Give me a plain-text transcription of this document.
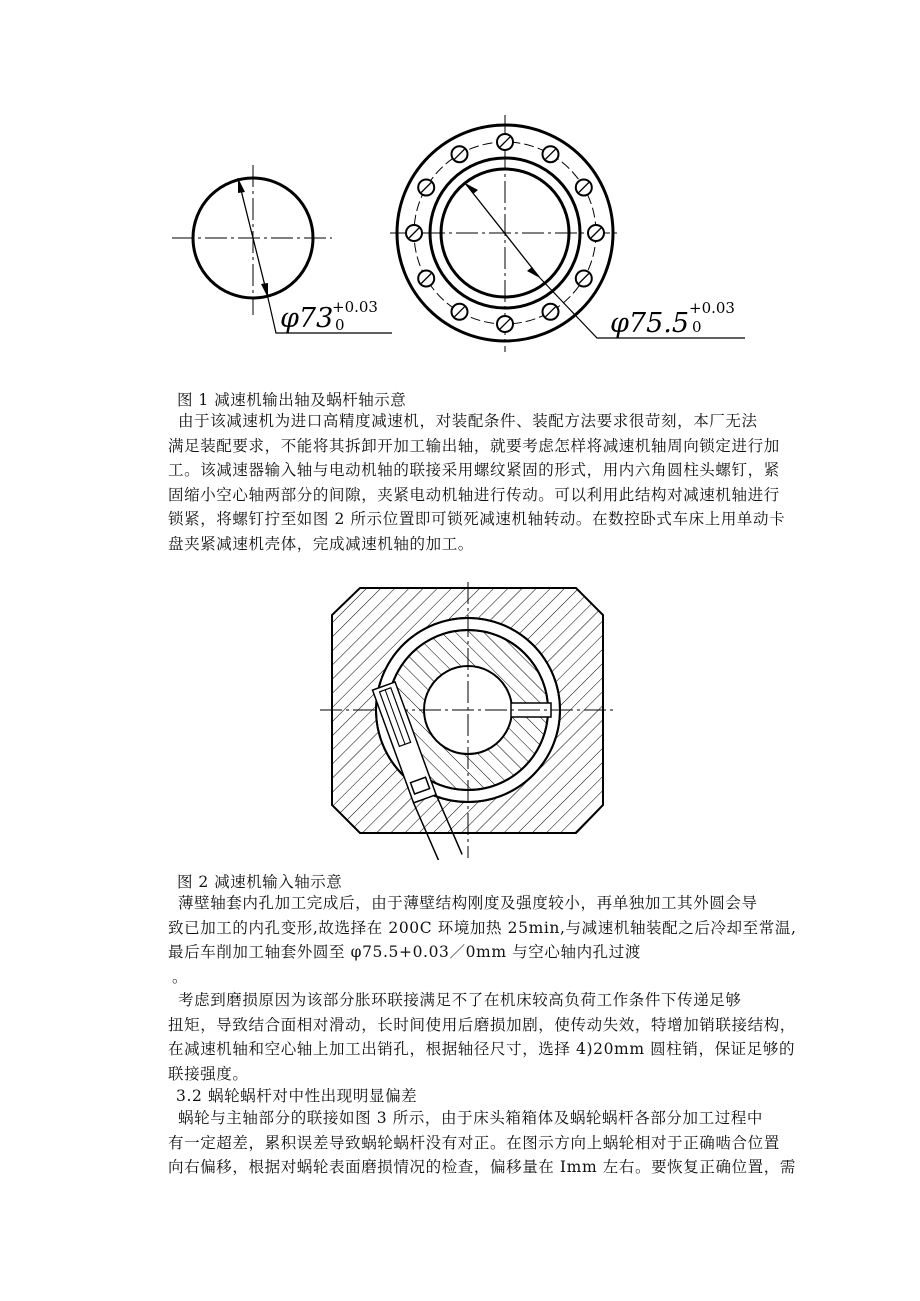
φ73
+0.03
0	φ75.5 +0.03
0
图 1 减速机输出轴及蜗杆轴示意
由于该减速机为进口高精度减速机，对装配条件、装配方法要求很苛刻，本厂无法
满足装配要求，不能将其拆卸开加工输出轴，就要考虑怎样将减速机轴周向锁定进行加
工。该减速器输入轴与电动机轴的联接采用螺纹紧固的形式，用内六角圆柱头螺钉，紧
固缩小空心轴两部分的间隙，夹紧电动机轴进行传动。可以利用此结构对减速机轴进行
锁紧，将螺钉拧至如图 2 所示位置即可锁死减速机轴转动。在数控卧式车床上用单动卡
盘夹紧减速机壳体，完成减速机轴的加工。
图 2 减速机输入轴示意
薄壁轴套内孔加工完成后，由于薄壁结构刚度及强度较小，再单独加工其外圆会导
致已加工的内孔变形,故选择在 200C 环境加热 25min,与减速机轴装配之后冷却至常温,
最后车削加工轴套外圆至 φ75.5+0.03／0mm 与空心轴内孔过渡
。
考虑到磨损原因为该部分胀环联接满足不了在机床较高负荷工作条件下传递足够
扭矩，导致结合面相对滑动，长时间使用后磨损加剧，使传动失效，特增加销联接结构，
在减速机轴和空心轴上加工出销孔，根据轴径尺寸，选择 4)20mm 圆柱销，保证足够的
联接强度。
3.2 蜗轮蜗杆对中性出现明显偏差
蜗轮与主轴部分的联接如图 3 所示，由于床头箱箱体及蜗轮蜗杆各部分加工过程中
有一定超差，累积误差导致蜗轮蜗杆没有对正。在图示方向上蜗轮相对于正确啮合位置
向右偏移，根据对蜗轮表面磨损情况的检查，偏移量在 Imm 左右。要恢复正确位置，需
